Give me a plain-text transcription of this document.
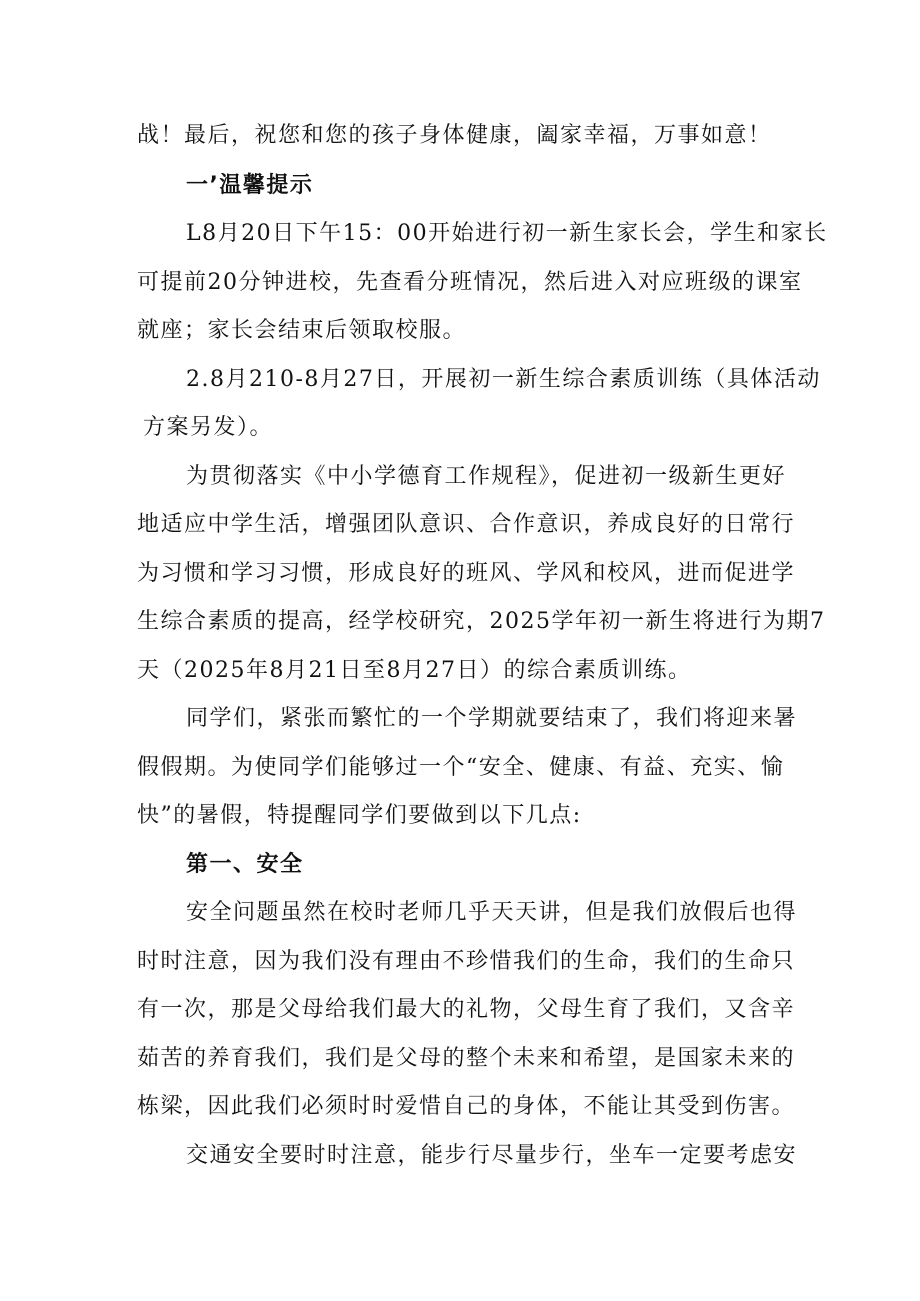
战！最后，祝您和您的孩子身体健康，阖家幸福，万事如意！
一’温馨提示
L8月20日下午15：00开始进行初一新生家长会，学生和家长
可提前20分钟进校，先查看分班情况，然后进入对应班级的课室
就座；家长会结束后领取校服。
2.8月210-8月27日，开展初一新生综合素质训练（具体活动
方案另发）。
为贯彻落实《中小学德育工作规程》，促进初一级新生更好
地适应中学生活，增强团队意识、合作意识，养成良好的日常行
为习惯和学习习惯，形成良好的班风、学风和校风，进而促进学
生综合素质的提高，经学校研究，2025学年初一新生将进行为期7
天（2025年8月21日至8月27日）的综合素质训练。
同学们，紧张而繁忙的一个学期就要结束了，我们将迎来暑
假假期。为使同学们能够过一个“安全、健康、有益、充实、愉
快”的暑假，特提醒同学们要做到以下几点:
第一、安全
安全问题虽然在校时老师几乎天天讲，但是我们放假后也得
时时注意，因为我们没有理由不珍惜我们的生命，我们的生命只
有一次，那是父母给我们最大的礼物，父母生育了我们，又含辛
茹苦的养育我们，我们是父母的整个未来和希望，是国家未来的
栋梁，因此我们必须时时爱惜自己的身体，不能让其受到伤害。
交通安全要时时注意，能步行尽量步行，坐车一定要考虑安
